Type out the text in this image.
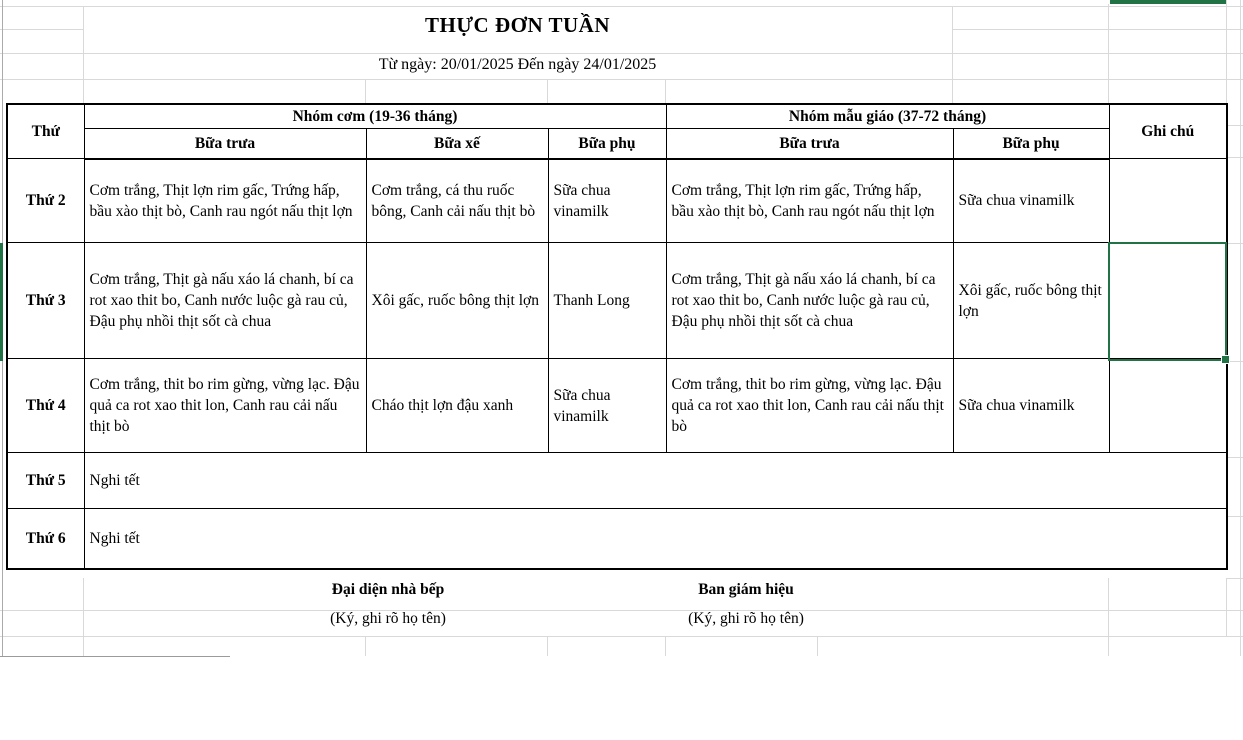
THỰC ĐƠN TUẦN
Từ ngày: 20/01/2025 Đến ngày 24/01/2025
Thứ	Nhóm cơm (19-36 tháng)			Nhóm mẫu giáo (37-72 tháng)		Ghi chú
	Bữa trưa	Bữa xế	Bữa phụ	Bữa trưa	Bữa phụ	
Thứ 2	Cơm trắng, Thịt lợn rim gấc, Trứng hấp, bầu xào thịt bò, Canh rau ngót nấu thịt lợn	Cơm trắng, cá thu ruốc bông, Canh cải nấu thịt bò	Sữa chua vinamilk	Cơm trắng, Thịt lợn rim gấc, Trứng hấp, bầu xào thịt bò, Canh rau ngót nấu thịt lợn	Sữa chua vinamilk	
Thứ 3	Cơm trắng, Thịt gà nấu xáo lá chanh, bí ca rot xao thit bo, Canh nước luộc gà rau củ, Đậu phụ nhồi thịt sốt cà chua	Xôi gấc, ruốc bông thịt lợn	Thanh Long	Cơm trắng, Thịt gà nấu xáo lá chanh, bí ca rot xao thit bo, Canh nước luộc gà rau củ, Đậu phụ nhồi thịt sốt cà chua	Xôi gấc, ruốc bông thịt lợn	
Thứ 4	Cơm trắng, thit bo rim gừng, vừng lạc. Đậu quả ca rot xao thit lon, Canh rau cải nấu thịt bò	Cháo thịt lợn đậu xanh	Sữa chua vinamilk	Cơm trắng, thit bo rim gừng, vừng lạc. Đậu quả ca rot xao thit lon, Canh rau cải nấu thịt bò	Sữa chua vinamilk	
Thứ 5	Nghi tết					
Thứ 6	Nghi tết					
Đại diện nhà bếp
(Ký, ghi rõ họ tên)
Ban giám hiệu
(Ký, ghi rõ họ tên)
